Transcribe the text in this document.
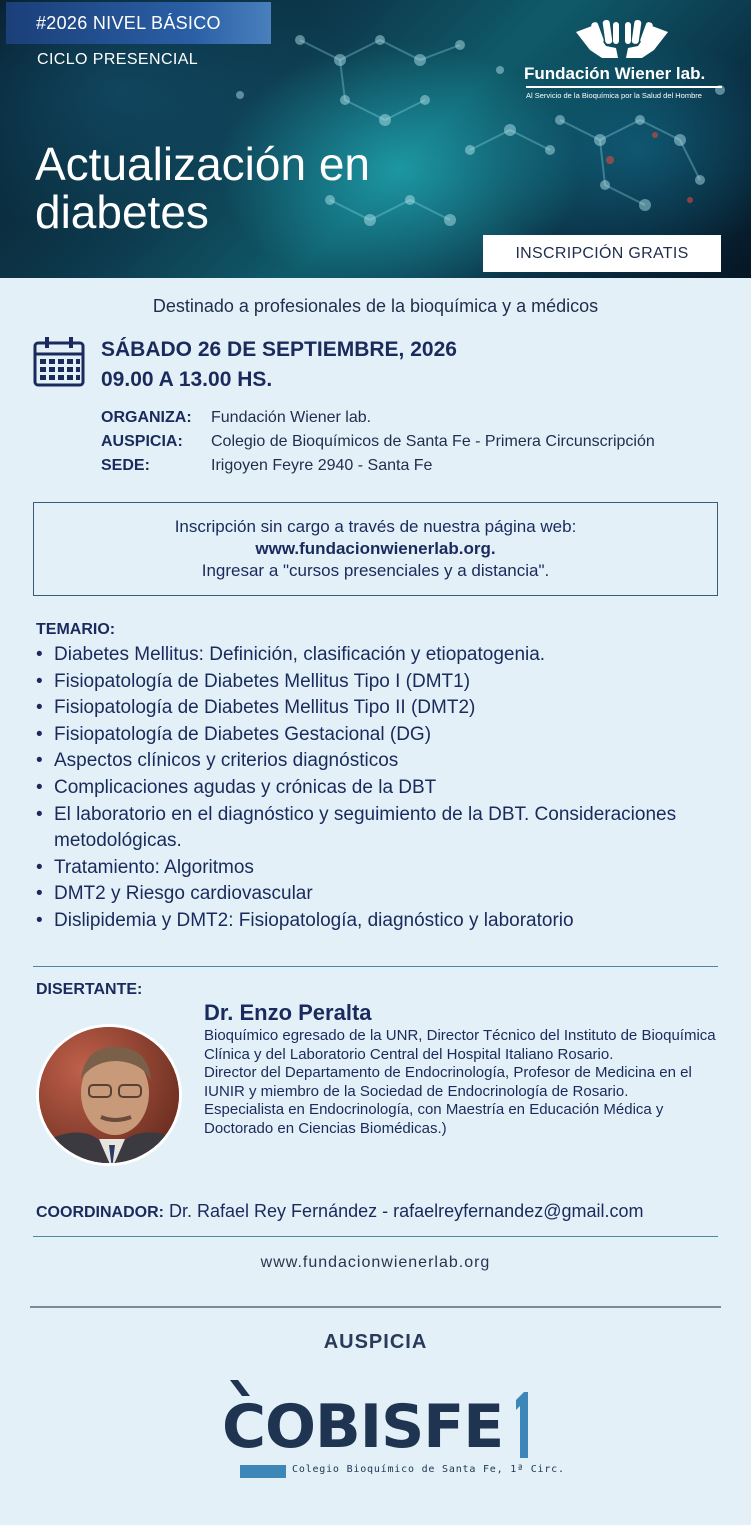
#2026 NIVEL BÁSICO
CICLO PRESENCIAL
Actualización en diabetes
Fundación Wiener lab.
Al Servicio de la Bioquímica por la Salud del Hombre
INSCRIPCIÓN GRATIS
Destinado a profesionales de la bioquímica y a médicos
SÁBADO 26 DE SEPTIEMBRE, 2026
09.00 A 13.00 HS.
ORGANIZA: Fundación Wiener lab.
AUSPICIA: Colegio de Bioquímicos de Santa Fe - Primera Circunscripción
SEDE:	Irigoyen Feyre 2940 - Santa Fe
Inscripción sin cargo a través de nuestra página web:
www.fundacionwienerlab.org.
Ingresar a "cursos presenciales y a distancia".
TEMARIO:
• Diabetes Mellitus: Definición, clasificación y etiopatogenia.
• Fisiopatología de Diabetes Mellitus Tipo I (DMT1)
• Fisiopatología de Diabetes Mellitus Tipo II (DMT2)
• Fisiopatología de Diabetes Gestacional (DG)
• Aspectos clínicos y criterios diagnósticos
• Complicaciones agudas y crónicas de la DBT
• El laboratorio en el diagnóstico y seguimiento de la DBT. Consideraciones metodológicas.
• Tratamiento: Algoritmos
• DMT2 y Riesgo cardiovascular
• Dislipidemia y DMT2: Fisiopatología, diagnóstico y laboratorio
DISERTANTE:
Dr. Enzo Peralta
Bioquímico egresado de la UNR, Director Técnico del Instituto de Bioquímica Clínica y del Laboratorio Central del Hospital Italiano Rosario.
Director del Departamento de Endocrinología, Profesor de Medicina en el IUNIR y miembro de la Sociedad de Endocrinología de Rosario.
Especialista en Endocrinología, con Maestría en Educación Médica y Doctorado en Ciencias Biomédicas.)
COORDINADOR: Dr. Rafael Rey Fernández - rafaelreyfernandez@gmail.com
www.fundacionwienerlab.org
AUSPICIA
COBISFE
Colegio Bioquímico de Santa Fe, 1ª Circ.
